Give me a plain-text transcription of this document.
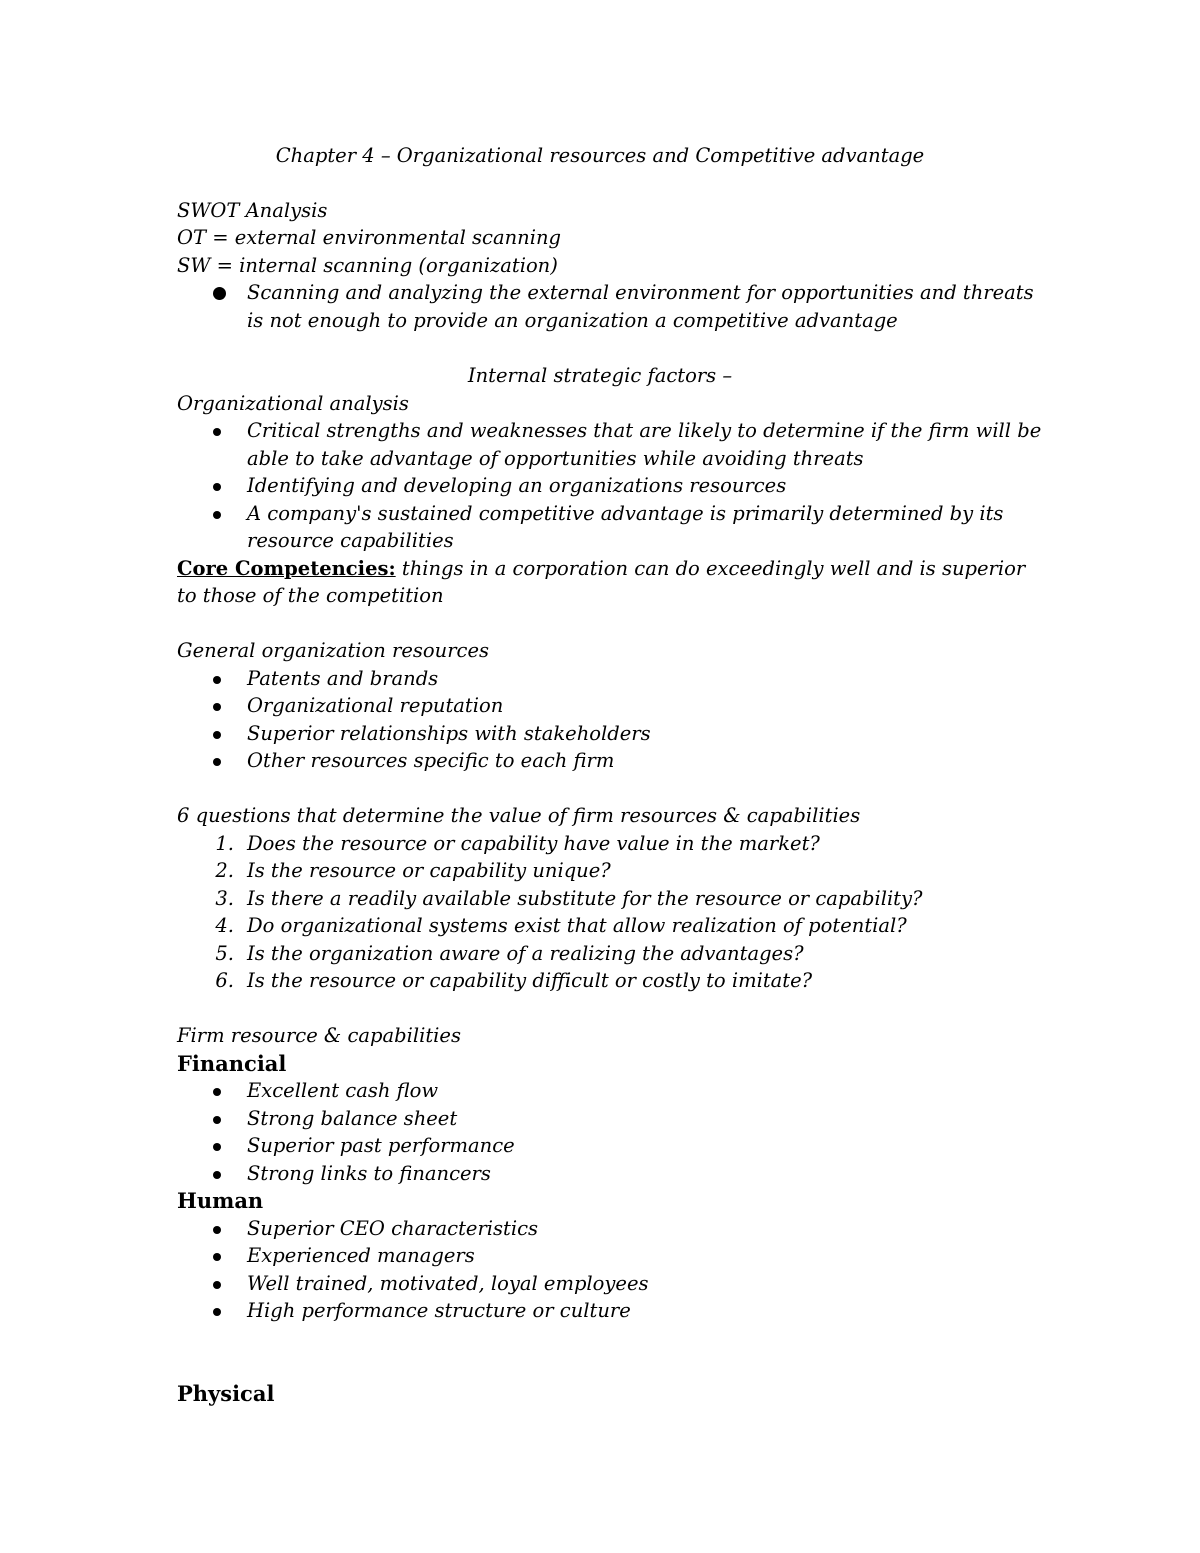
Chapter 4 – Organizational resources and Competitive advantage
SWOT Analysis
OT = external environmental scanning
SW = internal scanning (organization)
Scanning and analyzing the external environment for opportunities and threats
is not enough to provide an organization a competitive advantage
Internal strategic factors –
Organizational analysis
Critical strengths and weaknesses that are likely to determine if the firm will be
able to take advantage of opportunities while avoiding threats
Identifying and developing an organizations resources
A company's sustained competitive advantage is primarily determined by its
resource capabilities
Core Competencies: things in a corporation can do exceedingly well and is superior
to those of the competition
General organization resources
Patents and brands
Organizational reputation
Superior relationships with stakeholders
Other resources specific to each firm
6 questions that determine the value of firm resources & capabilities
1. Does the resource or capability have value in the market?
2. Is the resource or capability unique?
3. Is there a readily available substitute for the resource or capability?
4. Do organizational systems exist that allow realization of potential?
5. Is the organization aware of a realizing the advantages?
6. Is the resource or capability difficult or costly to imitate?
Firm resource & capabilities
Financial
Excellent cash flow
Strong balance sheet
Superior past performance
Strong links to financers
Human
Superior CEO characteristics
Experienced managers
Well trained, motivated, loyal employees
High performance structure or culture
Physical
